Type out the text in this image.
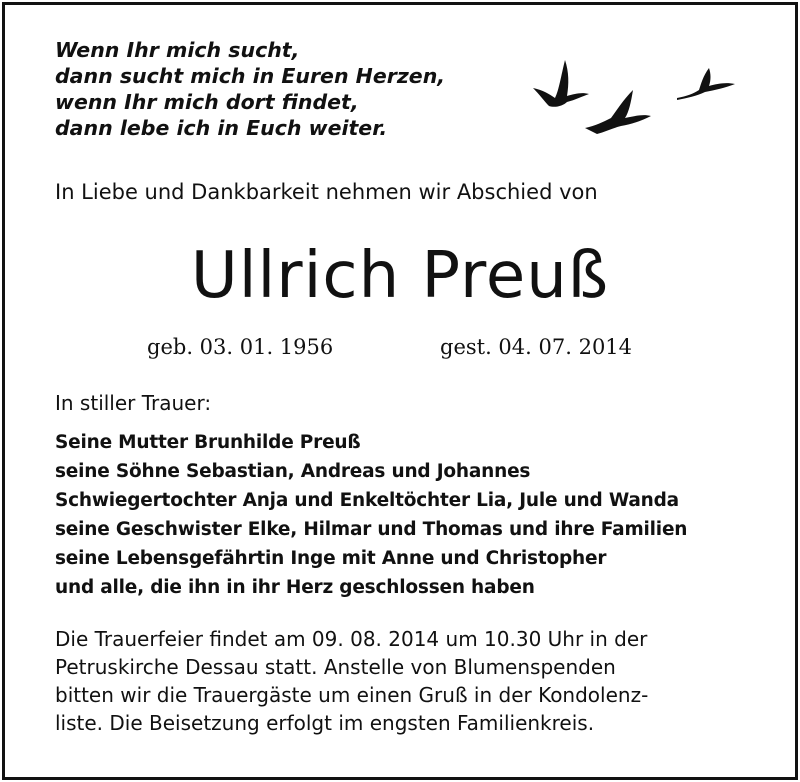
Wenn Ihr mich sucht,
dann sucht mich in Euren Herzen,
wenn Ihr mich dort findet,
dann lebe ich in Euch weiter.
In Liebe und Dankbarkeit nehmen wir Abschied von
Ullrich Preuß
geb. 03. 01. 1956	gest. 04. 07. 2014
In stiller Trauer:
Seine Mutter Brunhilde Preuß
seine Söhne Sebastian, Andreas und Johannes
Schwiegertochter Anja und Enkeltöchter Lia, Jule und Wanda
seine Geschwister Elke, Hilmar und Thomas und ihre Familien
seine Lebensgefährtin Inge mit Anne und Christopher
und alle, die ihn in ihr Herz geschlossen haben
Die Trauerfeier findet am 09. 08. 2014 um 10.30 Uhr in der
Petruskirche Dessau statt. Anstelle von Blumenspenden
bitten wir die Trauergäste um einen Gruß in der Kondolenz-
liste. Die Beisetzung erfolgt im engsten Familienkreis.
